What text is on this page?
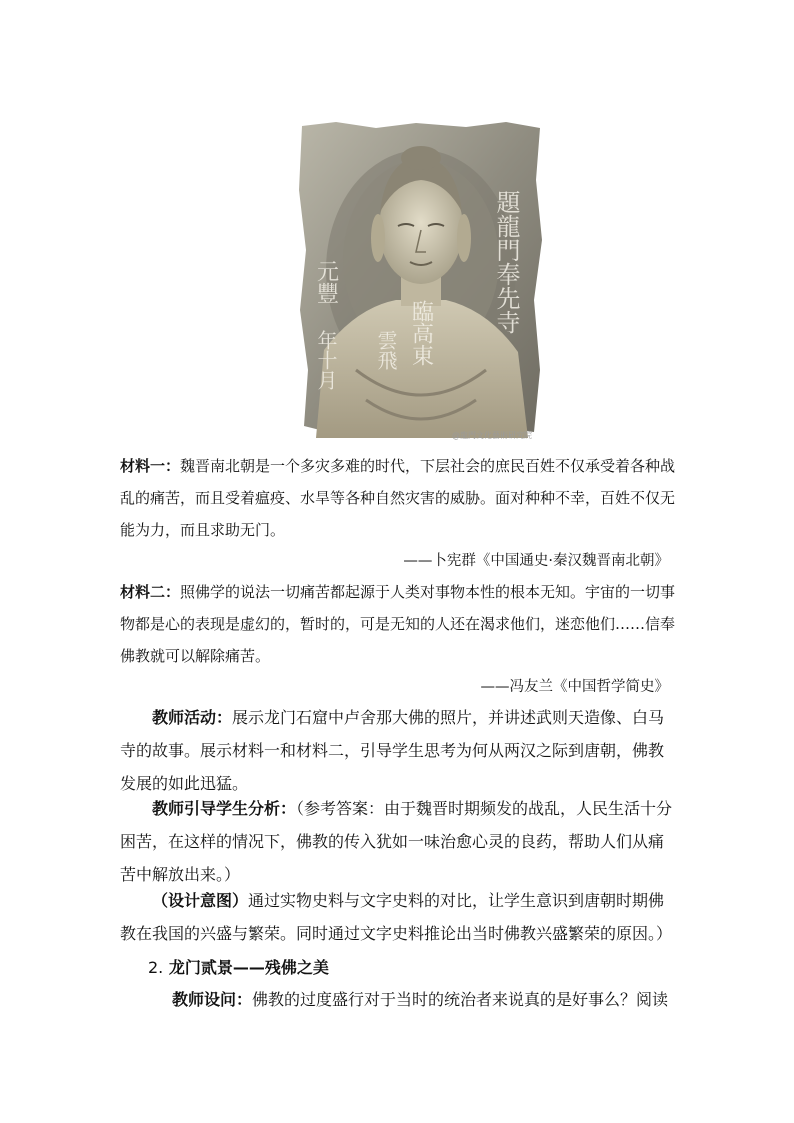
題龍門奉先寺
元豐
年十月 雲飛 臨高東
@龍門文化藝術研究院
材料一：魏晋南北朝是一个多灾多难的时代，下层社会的庶民百姓不仅承受着各种战乱的痛苦，而且受着瘟疫、水旱等各种自然灾害的威胁。面对种种不幸，百姓不仅无能为力，而且求助无门。
——卜宪群《中国通史·秦汉魏晋南北朝》
材料二：照佛学的说法一切痛苦都起源于人类对事物本性的根本无知。宇宙的一切事物都是心的表现是虚幻的，暂时的，可是无知的人还在渴求他们，迷恋他们……信奉佛教就可以解除痛苦。
——冯友兰《中国哲学简史》
教师活动：展示龙门石窟中卢舍那大佛的照片，并讲述武则天造像、白马寺的故事。展示材料一和材料二，引导学生思考为何从两汉之际到唐朝，佛教发展的如此迅猛。
教师引导学生分析：（参考答案：由于魏晋时期频发的战乱，人民生活十分困苦，在这样的情况下，佛教的传入犹如一味治愈心灵的良药，帮助人们从痛苦中解放出来。）
（设计意图）通过实物史料与文字史料的对比，让学生意识到唐朝时期佛教在我国的兴盛与繁荣。同时通过文字史料推论出当时佛教兴盛繁荣的原因。）
2. 龙门贰景——残佛之美
教师设问：佛教的过度盛行对于当时的统治者来说真的是好事么？阅读
